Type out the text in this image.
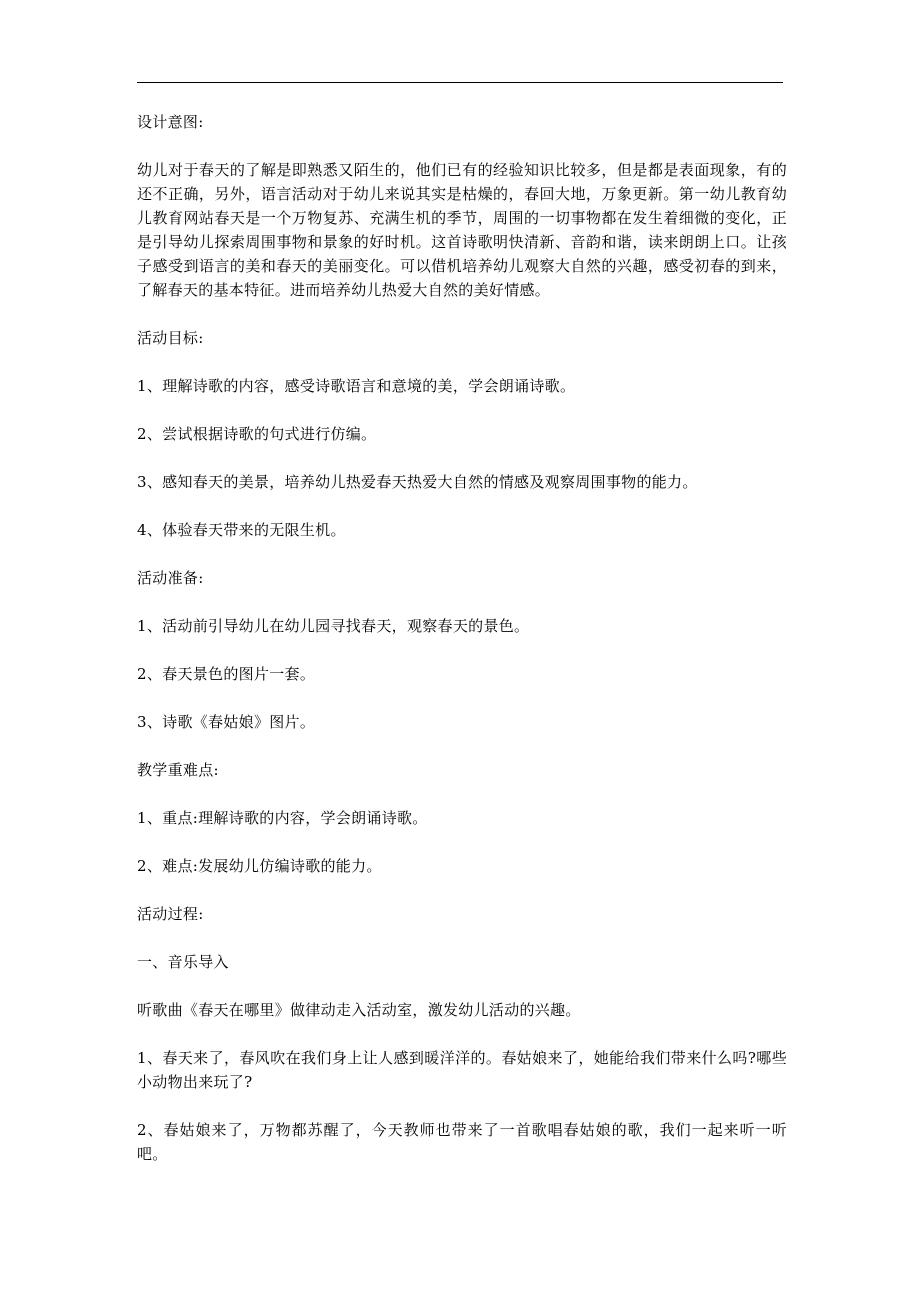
设计意图:

幼儿对于春天的了解是即熟悉又陌生的，他们已有的经验知识比较多，但是都是表面现象，有的还不正确，另外，语言活动对于幼儿来说其实是枯燥的，春回大地，万象更新。第一幼儿教育幼儿教育网站春天是一个万物复苏、充满生机的季节，周围的一切事物都在发生着细微的变化，正是引导幼儿探索周围事物和景象的好时机。这首诗歌明快清新、音韵和谐，读来朗朗上口。让孩子感受到语言的美和春天的美丽变化。可以借机培养幼儿观察大自然的兴趣，感受初春的到来，了解春天的基本特征。进而培养幼儿热爱大自然的美好情感。

活动目标:

1、理解诗歌的内容，感受诗歌语言和意境的美，学会朗诵诗歌。

2、尝试根据诗歌的句式进行仿编。

3、感知春天的美景，培养幼儿热爱春天热爱大自然的情感及观察周围事物的能力。

4、体验春天带来的无限生机。

活动准备:

1、活动前引导幼儿在幼儿园寻找春天，观察春天的景色。

2、春天景色的图片一套。

3、诗歌《春姑娘》图片。

教学重难点:

1、重点:理解诗歌的内容，学会朗诵诗歌。

2、难点:发展幼儿仿编诗歌的能力。

活动过程:

一、音乐导入

听歌曲《春天在哪里》做律动走入活动室，激发幼儿活动的兴趣。

1、春天来了，春风吹在我们身上让人感到暖洋洋的。春姑娘来了，她能给我们带来什么吗?哪些小动物出来玩了?

2、春姑娘来了，万物都苏醒了，今天教师也带来了一首歌唱春姑娘的歌，我们一起来听一听吧。
